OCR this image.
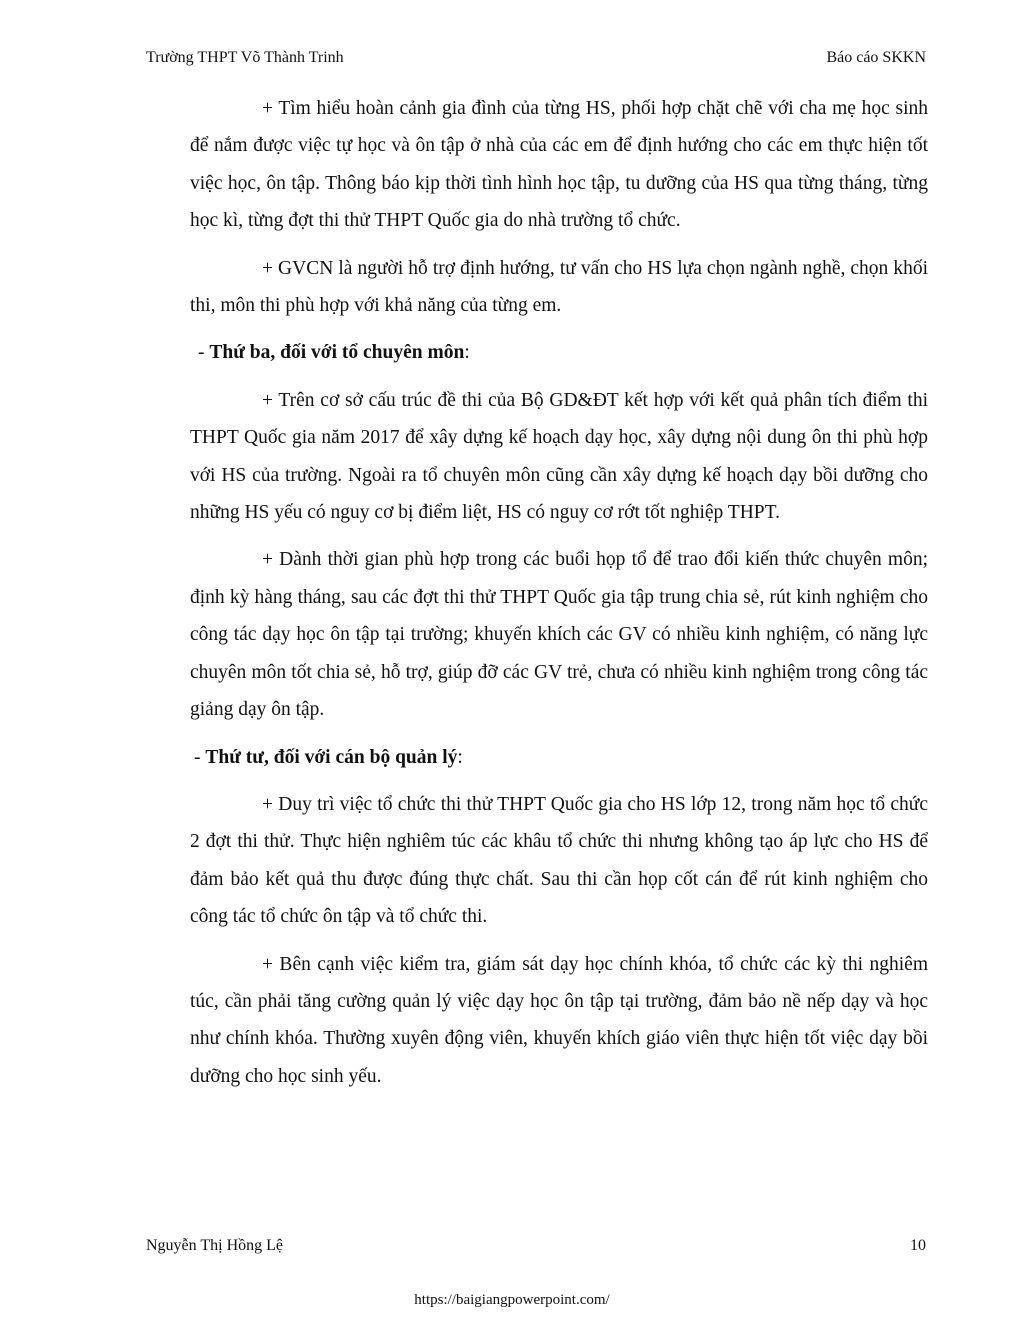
Trường THPT Võ Thành Trinh	Báo cáo SKKN

+ Tìm hiểu hoàn cảnh gia đình của từng HS, phối hợp chặt chẽ với cha mẹ học sinh để nắm được việc tự học và ôn tập ở nhà của các em để định hướng cho các em thực hiện tốt việc học, ôn tập. Thông báo kịp thời tình hình học tập, tu dưỡng của HS qua từng tháng, từng học kì, từng đợt thi thử THPT Quốc gia do nhà trường tổ chức.

+ GVCN là người hỗ trợ định hướng, tư vấn cho HS lựa chọn ngành nghề, chọn khối thi, môn thi phù hợp với khả năng của từng em.

- Thứ ba, đối với tổ chuyên môn:

+ Trên cơ sở cấu trúc đề thi của Bộ GD&ĐT kết hợp với kết quả phân tích điểm thi THPT Quốc gia năm 2017 để xây dựng kế hoạch dạy học, xây dựng nội dung ôn thi phù hợp với HS của trường. Ngoài ra tổ chuyên môn cũng cần xây dựng kế hoạch dạy bồi dưỡng cho những HS yếu có nguy cơ bị điểm liệt, HS có nguy cơ rớt tốt nghiệp THPT.

+ Dành thời gian phù hợp trong các buổi họp tổ để trao đổi kiến thức chuyên môn; định kỳ hàng tháng, sau các đợt thi thử THPT Quốc gia tập trung chia sẻ, rút kinh nghiệm cho công tác dạy học ôn tập tại trường; khuyến khích các GV có nhiều kinh nghiệm, có năng lực chuyên môn tốt chia sẻ, hỗ trợ, giúp đỡ các GV trẻ, chưa có nhiều kinh nghiệm trong công tác giảng dạy ôn tập.

- Thứ tư, đối với cán bộ quản lý:

+ Duy trì việc tổ chức thi thử THPT Quốc gia cho HS lớp 12, trong năm học tổ chức 2 đợt thi thử. Thực hiện nghiêm túc các khâu tổ chức thi nhưng không tạo áp lực cho HS để đảm bảo kết quả thu được đúng thực chất. Sau thi cần họp cốt cán để rút kinh nghiệm cho công tác tổ chức ôn tập và tổ chức thi.

+ Bên cạnh việc kiểm tra, giám sát dạy học chính khóa, tổ chức các kỳ thi nghiêm túc, cần phải tăng cường quản lý việc dạy học ôn tập tại trường, đảm bảo nề nếp dạy và học như chính khóa. Thường xuyên động viên, khuyến khích giáo viên thực hiện tốt việc dạy bồi dưỡng cho học sinh yếu.

Nguyễn Thị Hồng Lệ	10
https://baigiangpowerpoint.com/
